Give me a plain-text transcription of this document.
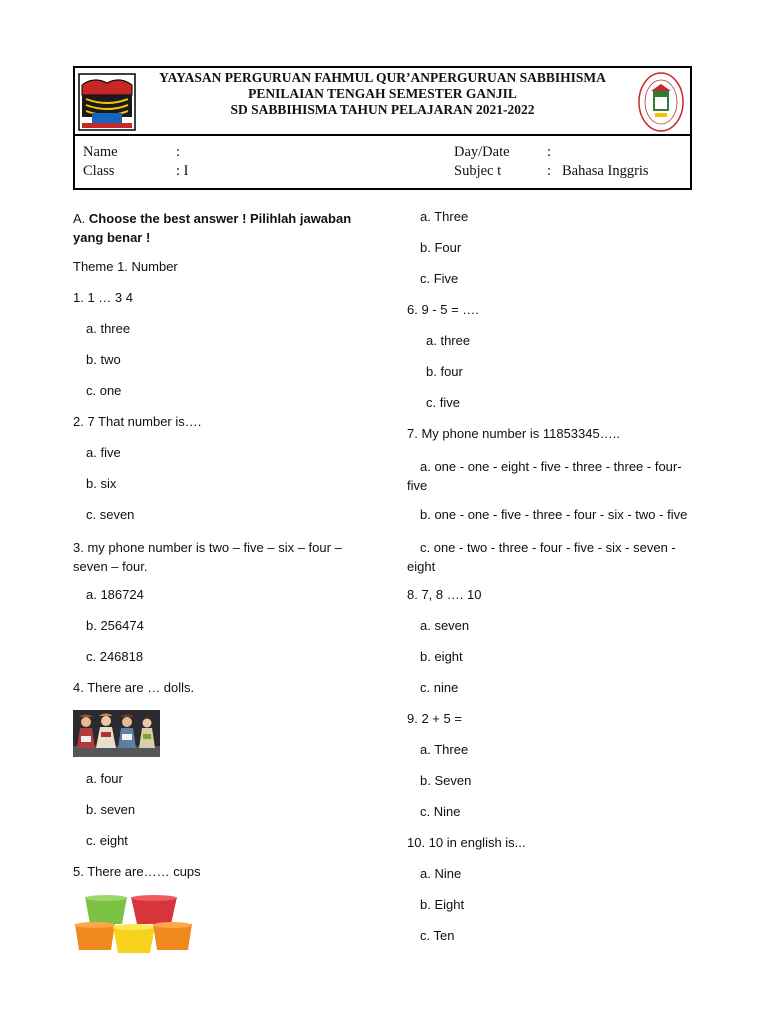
YAYASAN PERGURUAN FAHMUL QUR’ANPERGURUAN SABBIHISMA
PENILAIAN TENGAH SEMESTER GANJIL
SD SABBIHISMA TAHUN PELAJARAN 2021-2022
Name	:
Class	: I
Day/Date	:
Subjec t	: Bahasa Inggris
A. Choose the best answer ! Pilihlah jawaban yang benar !
Theme 1. Number
1. 1 … 3 4
a. three
b. two
c. one
2. 7 That number is….
a. five
b. six
c. seven
3. my phone number is two – five – six – four – seven – four.
a. 186724
b. 256474
c. 246818
4. There are … dolls.
a. four
b. seven
c. eight
5. There are…… cups
a. Three
b. Four
c. Five
6. 9 - 5 = ….
a. three
b. four
c. five
7. My phone number is 11853345…..
a. one - one - eight - five - three - three - four- five
b. one - one - five - three - four - six - two - five
c. one - two - three - four - five - six - seven - eight
8. 7, 8 …. 10
a. seven
b. eight
c. nine
9. 2 + 5 =
a. Three
b. Seven
c. Nine
10. 10 in english is...
a. Nine
b. Eight
c. Ten
